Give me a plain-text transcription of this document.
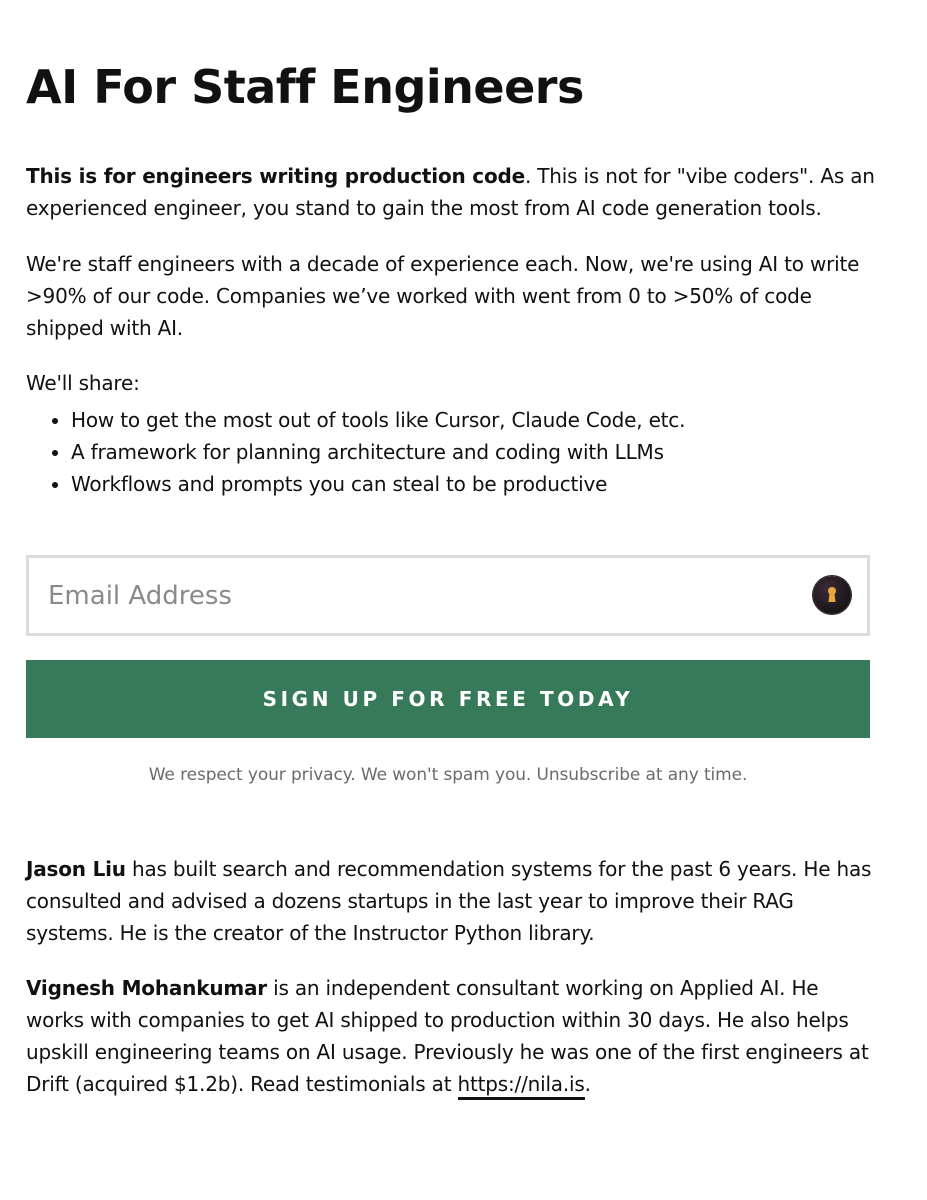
AI For Staff Engineers

This is for engineers writing production code. This is not for "vibe coders". As an experienced engineer, you stand to gain the most from AI code generation tools.

We're staff engineers with a decade of experience each. Now, we're using AI to write >90% of our code. Companies we’ve worked with went from 0 to >50% of code shipped with AI.

We'll share:

• How to get the most out of tools like Cursor, Claude Code, etc.
• A framework for planning architecture and coding with LLMs
• Workflows and prompts you can steal to be productive
Email Address
SIGN UP FOR FREE TODAY
We respect your privacy. We won't spam you. Unsubscribe at any time.

Jason Liu has built search and recommendation systems for the past 6 years. He has consulted and advised a dozens startups in the last year to improve their RAG systems. He is the creator of the Instructor Python library.

Vignesh Mohankumar is an independent consultant working on Applied AI. He works with companies to get AI shipped to production within 30 days. He also helps upskill engineering teams on AI usage. Previously he was one of the first engineers at Drift (acquired $1.2b). Read testimonials at https://nila.is.
